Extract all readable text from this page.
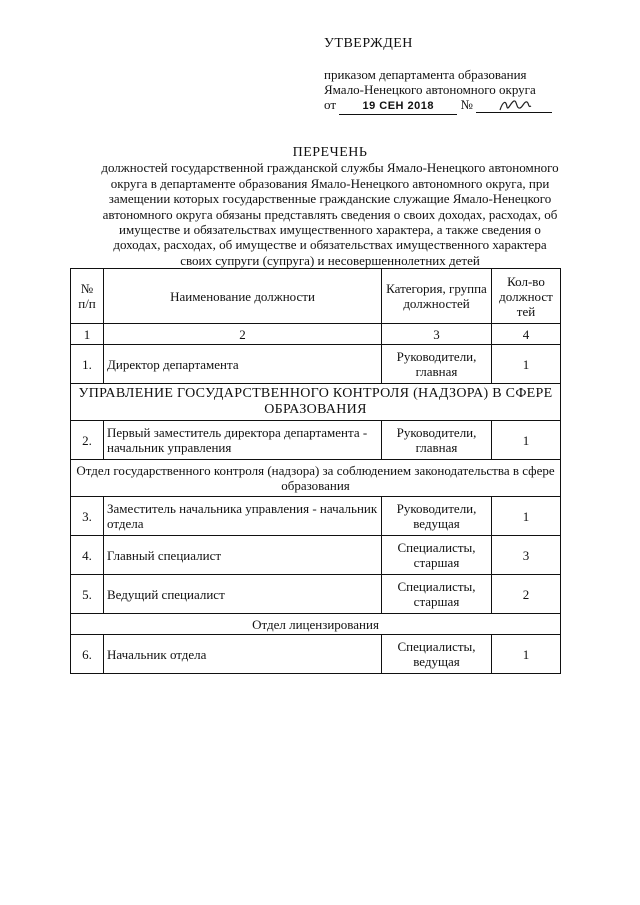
УТВЕРЖДЕН
приказом департамента образования
Ямало-Ненецкого автономного округа
от 19 СЕН 2018 №
ПЕРЕЧЕНЬ
должностей государственной гражданской службы Ямало-Ненецкого автономного
округа в департаменте образования Ямало-Ненецкого автономного округа, при
замещении которых государственные гражданские служащие Ямало-Ненецкого
автономного округа обязаны представлять сведения о своих доходах, расходах, об
имуществе и обязательствах имущественного характера, а также сведения о
доходах, расходах, об имуществе и обязательствах имущественного характера
своих супруги (супруга) и несовершеннолетних детей
№ п/п	Наименование должности	Категория, группа должностей	Кол-во должност тей
1	2	3	4
1.	Директор департамента	Руководители, главная	1
УПРАВЛЕНИЕ ГОСУДАРСТВЕННОГО КОНТРОЛЯ (НАДЗОРА) В СФЕРЕ ОБРАЗОВАНИЯ			
2.	Первый заместитель директора департамента - начальник управления	Руководители, главная	1
Отдел государственного контроля (надзора) за соблюдением законодательства в сфере образования			
3.	Заместитель начальника управления - начальник отдела	Руководители, ведущая	1
4.	Главный специалист	Специалисты, старшая	3
5.	Ведущий специалист	Специалисты, старшая	2
Отдел лицензирования			
6.	Начальник отдела	Специалисты, ведущая	1
